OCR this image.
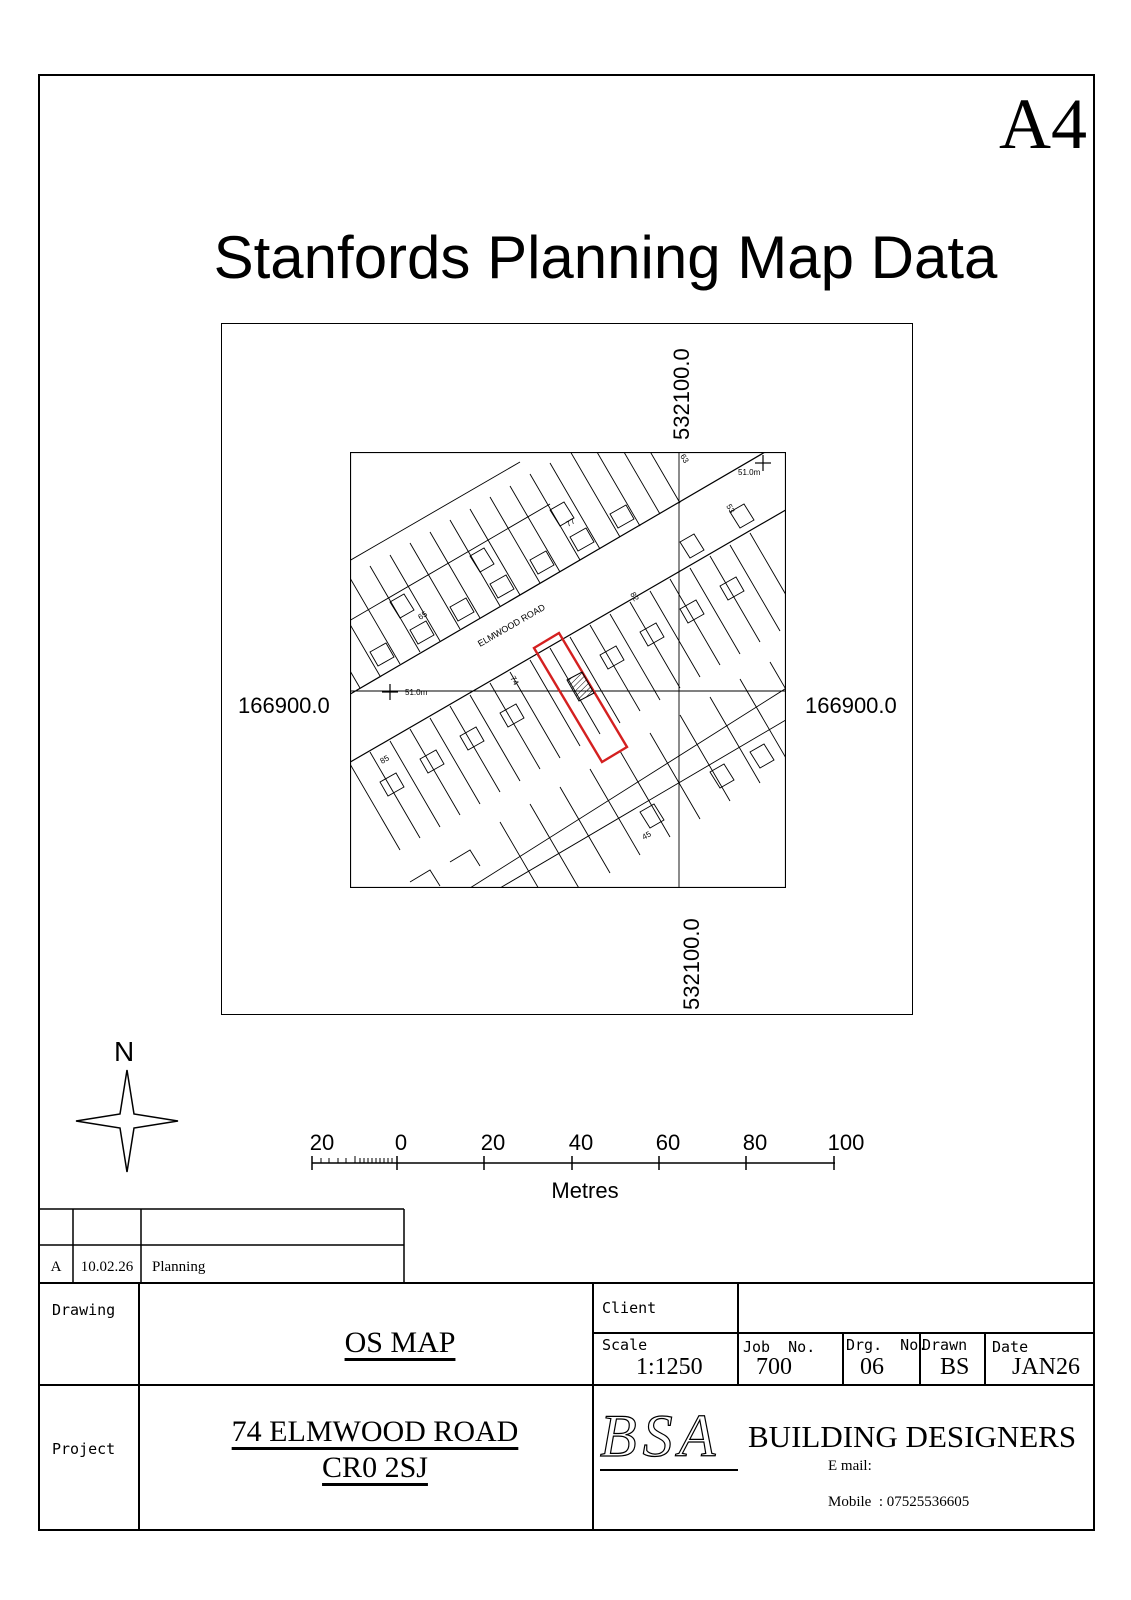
A4
Stanfords Planning Map Data
ELMWOOD ROAD
51.0m
51.0m
77
65
74
82
85
45
53
63
532100.0
532100.0
166900.0	166900.0
N
20	0	20	40	60	80	100
Metres
A 10.02.26 Planning
Drawing
OS MAP
Project
74 ELMWOOD ROAD
CR0 2SJ
Client
Scale
1:1250
Job  No.
700
Drg.  No.
06
Drawn
BS
Date
JAN26
BSA BUILDING DESIGNERS
E mail:
Mobile  : 07525536605
